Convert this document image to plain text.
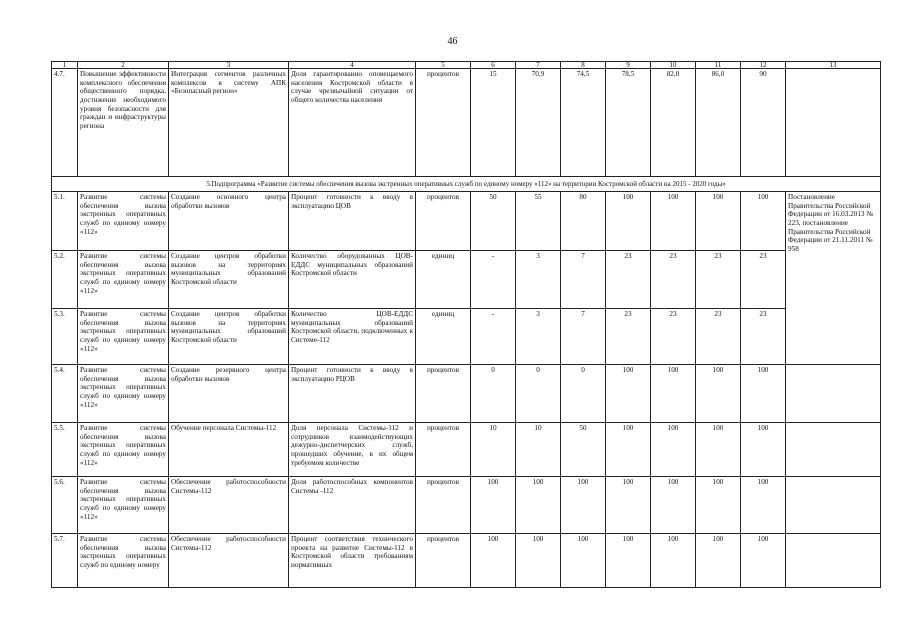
46
1	2	3	4	5	6	7	8	9	10	11	12	13
4.7.	Повышение эффективности комплексного обеспечения общественного порядка, достижение необходимого уровня безопасности для граждан и инфраструктуры региона	Интеграция сегментов различных комплексов в систему АПК «Безопасный регион»	Доля гарантированно оповещаемого населения Костромской области в случае чрезвычайной ситуации от общего количества населения	процентов	15	70,9	74,5	78,5	82,0	86,0	90	
5.Подпрограмма «Развитие системы обеспечения вызова экстренных оперативных служб по единому номеру «112» на территории Костромской области на 2015 - 2020 годы»												
5.1.	Развитие системы обеспечения вызова экстренных оперативных служб по единому номеру «112»	Создание основного центра обработки вызовов	Процент готовности к вводу в эксплуатацию ЦОВ	процентов	50	55	80	100	100	100	100	Постановление Правительства Российской Федерации от 16.03.2013 № 223, постановление Правительства Российской Федерации от 21.11.2011 № 958
5.2.	Развитие системы обеспечения вызова экстренных оперативных служб по единому номеру «112»	Создание центров обработки вызовов на территориях муниципальных образований Костромской области	Количество оборудованных ЦОВ-ЕДДС муниципальных образований Костромской области	единиц	-	3	7	23	23	23	23	
5.3.	Развитие системы обеспечения вызова экстренных оперативных служб по единому номеру «112»	Создание центров обработки вызовов на территориях муниципальных образований Костромской области	Количество ЦОВ-ЕДДС муниципальных образований Костромской области, подключенных к Системе-112	единиц	-	3	7	23	23	23	23	
5.4.	Развитие системы обеспечения вызова экстренных оперативных служб по единому номеру «112»	Создание резервного центра обработки вызовов	Процент готовности к вводу в эксплуатацию РЦОВ	процентов	0	0	0	100	100	100	100	
5.5.	Развитие системы обеспечения вызова экстренных оперативных служб по единому номеру «112»	Обучение персонала Системы-112	Доля персонала Системы-112 и сотрудников взаимодействующих дежурно-диспетчерских служб, прошедших обучение, в их общем требуемом количестве	процентов	10	10	50	100	100	100	100	
5.6.	Развитие системы обеспечения вызова экстренных оперативных служб по единому номеру «112»	Обеспечение работоспособности Системы-112	Доля работоспособных компонентов Системы -112	процентов	100	100	100	100	100	100	100	
5.7.	Развитие системы обеспечения вызова экстренных оперативных служб по единому номеру	Обеспечение работоспособности Системы-112	Процент соответствия технического проекта на развитие Системы-112 в Костромской области требованиям нормативных	процентов	100	100	100	100	100	100	100	
